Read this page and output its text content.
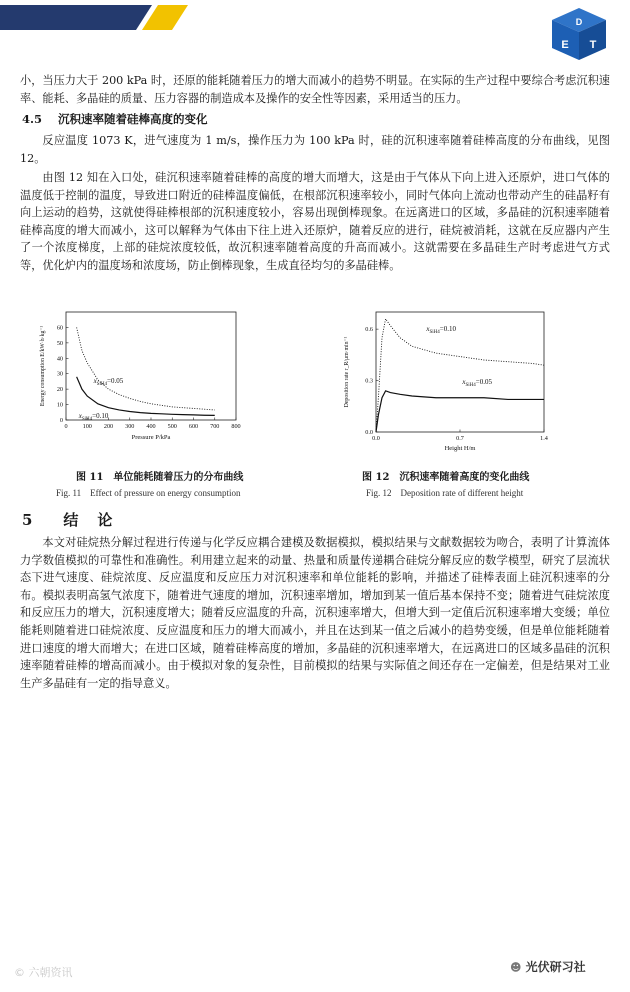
D
E T

小，当压力大于 200 kPa 时，还原的能耗随着压力的增大而减小的趋势不明显。在实际的生产过程中要综合考虑沉积速率、能耗、多晶硅的质量、压力容器的制造成本及操作的安全性等因素，采用适当的压力。

4.5 沉积速率随着硅棒高度的变化

反应温度 1073 K，进气速度为 1 m/s，操作压力为 100 kPa 时，硅的沉积速率随着硅棒高度的分布曲线，见图 12。

由图 12 知在入口处，硅沉积速率随着硅棒的高度的增大而增大，这是由于气体从下向上进入还原炉，进口气体的温度低于控制的温度，导致进口附近的硅棒温度偏低，在根部沉积速率较小，同时气体向上流动也带动产生的硅晶籽有向上运动的趋势，这就使得硅棒根部的沉积速度较小，容易出现倒棒现象。在远离进口的区域，多晶硅的沉积速率随着硅棒高度的增大而减小，这可以解释为气体由下往上进入还原炉，随着反应的进行，硅烷被消耗，这就在反应器内产生了一个浓度梯度，上部的硅烷浓度较低，故沉积速率随着高度的升高而减小。这就需要在多晶硅生产时考虑进气方式等，优化炉内的温度场和浓度场，防止倒棒现象，生成直径均匀的多晶硅棒。

0 100 200 300 400 500 600 700 800
0
10
20
30
40
50
60
Pressure P/kPa
Energy consumption E/kW·h·kg⁻¹	$x_{SiH4}=0.05$
$x_{SiH4}=0.10$
图 11　单位能耗随着压力的分布曲线
Fig. 11　Effect of pressure on energy consumption
0.0	0.7	1.4
0.0
0.3
0.6
Height H/m
Deposition rate r_R/μm·min⁻¹
$x_{SiH4}=0.10$
$x_{SiH4}=0.05$
图 12　沉积速率随着高度的变化曲线
Fig. 12　Deposition rate of different height
5 结　论

本文对硅烷热分解过程进行传递与化学反应耦合建模及数据模拟，模拟结果与文献数据较为吻合，表明了计算流体力学数值模拟的可靠性和准确性。利用建立起来的动量、热量和质量传递耦合硅烷分解反应的数学模型，研究了层流状态下进气速度、硅烷浓度、反应温度和反应压力对沉积速率和单位能耗的影响，并描述了硅棒表面上硅沉积速率的分布。模拟表明高氢气浓度下，随着进气速度的增加，沉积速率增加，增加到某一值后基本保持不变；随着进气硅烷浓度和反应压力的增大，沉积速度增大；随着反应温度的升高，沉积速率增大，但增大到一定值后沉积速率增大变缓；单位能耗则随着进口硅烷浓度、反应温度和压力的增大而减小，并且在达到某一值之后减小的趋势变缓，但是单位能耗随着进口速度的增大而增大；在进口区域，随着硅棒高度的增加，多晶硅的沉积速率增大，在远离进口的区域多晶硅的沉积速率随着硅棒的增高而减小。由于模拟对象的复杂性，目前模拟的结果与实际值之间还存在一定偏差，但是结果对工业生产多晶硅有一定的指导意义。

© 六朝资讯	☻ 光伏研习社
